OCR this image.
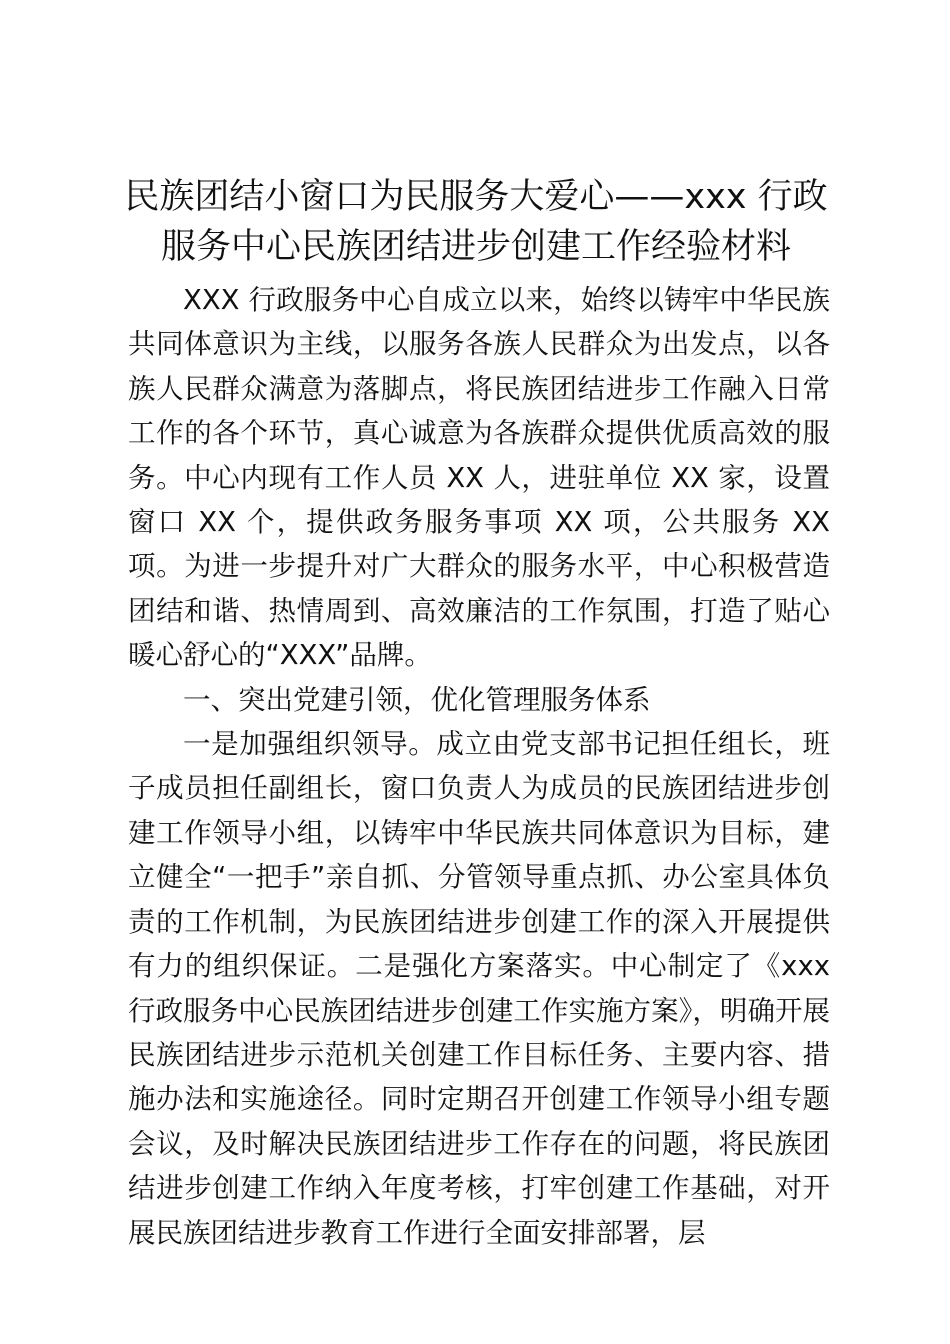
民族团结小窗口为民服务大爱心——xxx 行政服务中心民族团结进步创建工作经验材料

XXX 行政服务中心自成立以来，始终以铸牢中华民族共同体意识为主线，以服务各族人民群众为出发点，以各族人民群众满意为落脚点，将民族团结进步工作融入日常工作的各个环节，真心诚意为各族群众提供优质高效的服务。中心内现有工作人员 XX 人，进驻单位 XX 家，设置窗口 XX 个，提供政务服务事项 XX 项，公共服务 XX 项。为进一步提升对广大群众的服务水平，中心积极营造团结和谐、热情周到、高效廉洁的工作氛围，打造了贴心暖心舒心的“XXX”品牌。

一、突出党建引领，优化管理服务体系

一是加强组织领导。成立由党支部书记担任组长，班子成员担任副组长，窗口负责人为成员的民族团结进步创建工作领导小组，以铸牢中华民族共同体意识为目标，建立健全“一把手”亲自抓、分管领导重点抓、办公室具体负责的工作机制，为民族团结进步创建工作的深入开展提供有力的组织保证。二是强化方案落实。中心制定了《xxx 行政服务中心民族团结进步创建工作实施方案》，明确开展民族团结进步示范机关创建工作目标任务、主要内容、措施办法和实施途径。同时定期召开创建工作领导小组专题会议，及时解决民族团结进步工作存在的问题，将民族团结进步创建工作纳入年度考核，打牢创建工作基础，对开展民族团结进步教育工作进行全面安排部署，层
